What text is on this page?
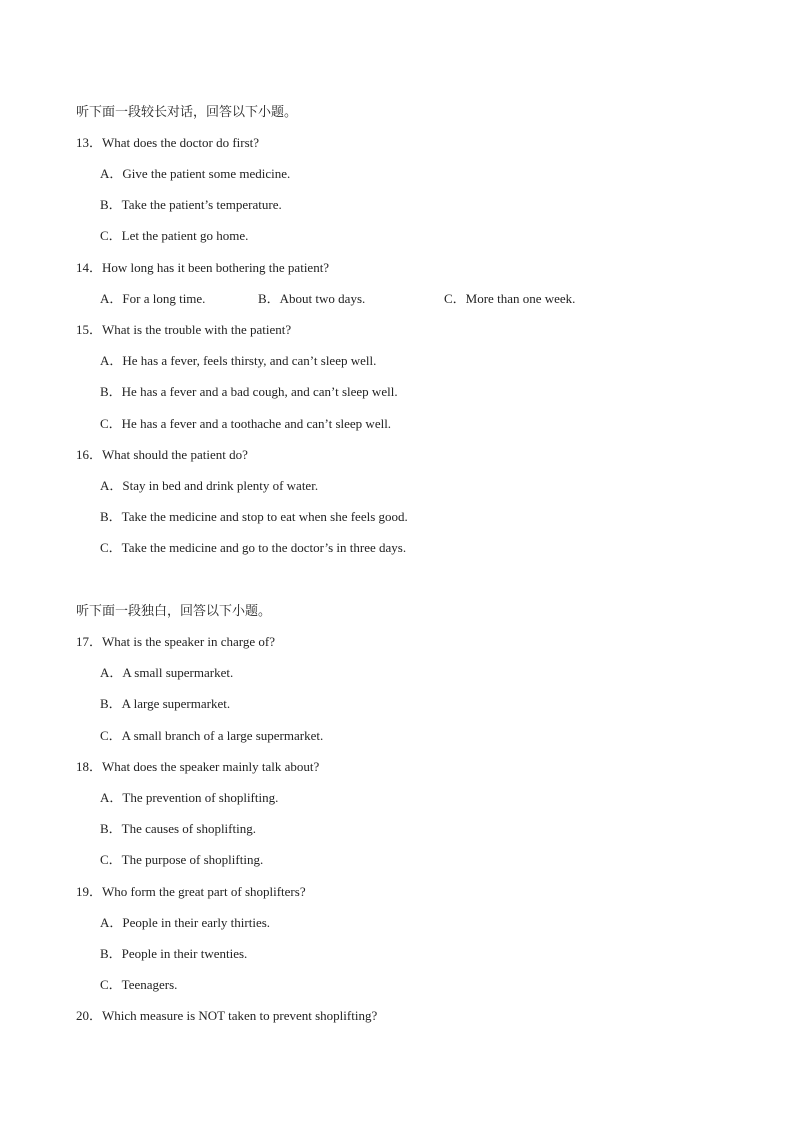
听下面一段较长对话，回答以下小题。
13．What does the doctor do first?
A．Give the patient some medicine.
B．Take the patient’s temperature.
C．Let the patient go home.
14．How long has it been bothering the patient?
A．For a long time.	B．About two days.	C．More than one week.
15．What is the trouble with the patient?
A．He has a fever, feels thirsty, and can’t sleep well.
B．He has a fever and a bad cough, and can’t sleep well.
C．He has a fever and a toothache and can’t sleep well.
16．What should the patient do?
A．Stay in bed and drink plenty of water.
B．Take the medicine and stop to eat when she feels good.
C．Take the medicine and go to the doctor’s in three days.
听下面一段独白，回答以下小题。
17．What is the speaker in charge of?
A．A small supermarket.
B．A large supermarket.
C．A small branch of a large supermarket.
18．What does the speaker mainly talk about?
A．The prevention of shoplifting.
B．The causes of shoplifting.
C．The purpose of shoplifting.
19．Who form the great part of shoplifters?
A．People in their early thirties.
B．People in their twenties.
C．Teenagers.
20．Which measure is NOT taken to prevent shoplifting?
